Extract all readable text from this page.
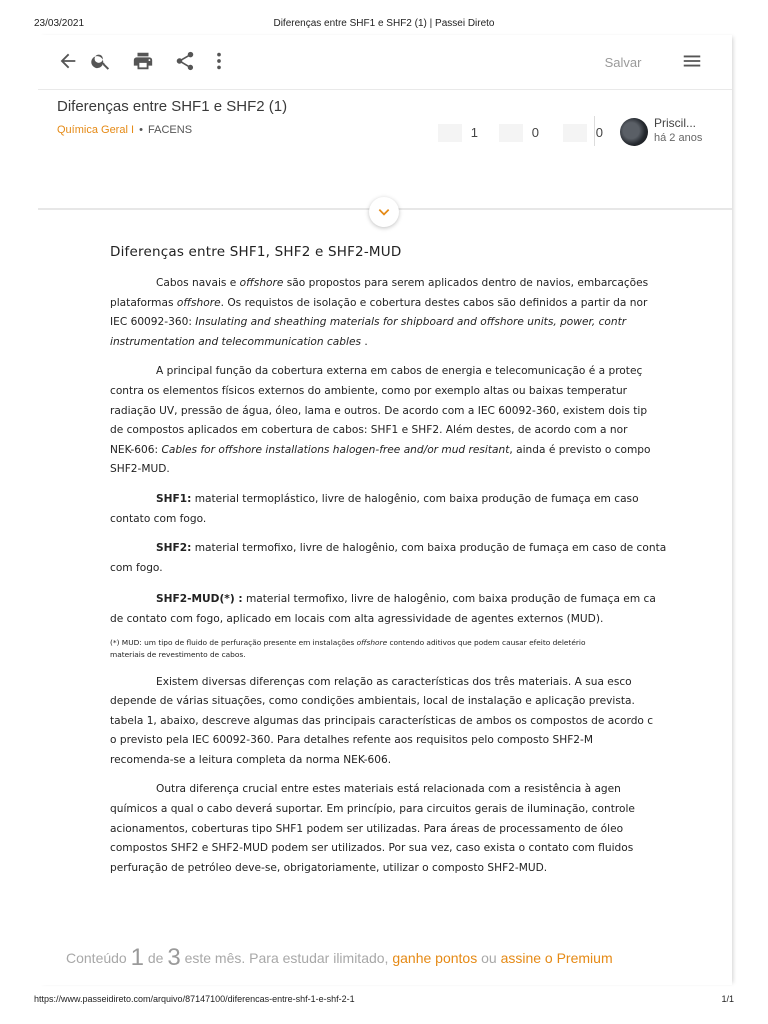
23/03/2021	Diferenças entre SHF1 e SHF2 (1) | Passei Direto
Salvar
Diferenças entre SHF1 e SHF2 (1)
Química Geral I • FACENS	1	0	0
Priscil...
há 2 anos
Diferenças entre SHF1, SHF2 e SHF2-MUD

Cabos navais e offshore são propostos para serem aplicados dentro de navios, embarcações

plataformas offshore. Os requistos de isolação e cobertura destes cabos são definidos a partir da nor

IEC 60092-360: Insulating and sheathing materials for shipboard and offshore units, power, contr

instrumentation and telecommunication cables .

A principal função da cobertura externa em cabos de energia e telecomunicação é a proteç

contra os elementos físicos externos do ambiente, como por exemplo altas ou baixas temperatur

radiação UV, pressão de água, óleo, lama e outros. De acordo com a IEC 60092-360, existem dois tip

de compostos aplicados em cobertura de cabos: SHF1 e SHF2. Além destes, de acordo com a nor

NEK-606: Cables for offshore installations halogen-free and/or mud resitant, ainda é previsto o compo

SHF2-MUD.

SHF1: material termoplástico, livre de halogênio, com baixa produção de fumaça em caso

contato com fogo.

SHF2: material termofixo, livre de halogênio, com baixa produção de fumaça em caso de conta

com fogo.

SHF2-MUD(*) : material termofixo, livre de halogênio, com baixa produção de fumaça em ca

de contato com fogo, aplicado em locais com alta agressividade de agentes externos (MUD).

(*) MUD: um tipo de fluido de perfuração presente em instalações offshore contendo aditivos que podem causar efeito deletério
materiais de revestimento de cabos.

Existem diversas diferenças com relação as características dos três materiais. A sua esco

depende de várias situações, como condições ambientais, local de instalação e aplicação prevista.

tabela 1, abaixo, descreve algumas das principais características de ambos os compostos de acordo c

o previsto pela IEC 60092-360. Para detalhes refente aos requisitos pelo composto SHF2-M

recomenda-se a leitura completa da norma NEK-606.

Outra diferença crucial entre estes materiais está relacionada com a resistência à agen

químicos a qual o cabo deverá suportar. Em princípio, para circuitos gerais de iluminação, controle

acionamentos, coberturas tipo SHF1 podem ser utilizadas. Para áreas de processamento de óleo

compostos SHF2 e SHF2-MUD podem ser utilizados. Por sua vez, caso exista o contato com fluidos

perfuração de petróleo deve-se, obrigatoriamente, utilizar o composto SHF2-MUD.

Conteúdo 1 de 3 este mês. Para estudar ilimitado, ganhe pontos ou assine o Premium
https://www.passeidireto.com/arquivo/87147100/diferencas-entre-shf-1-e-shf-2-1	1/1
